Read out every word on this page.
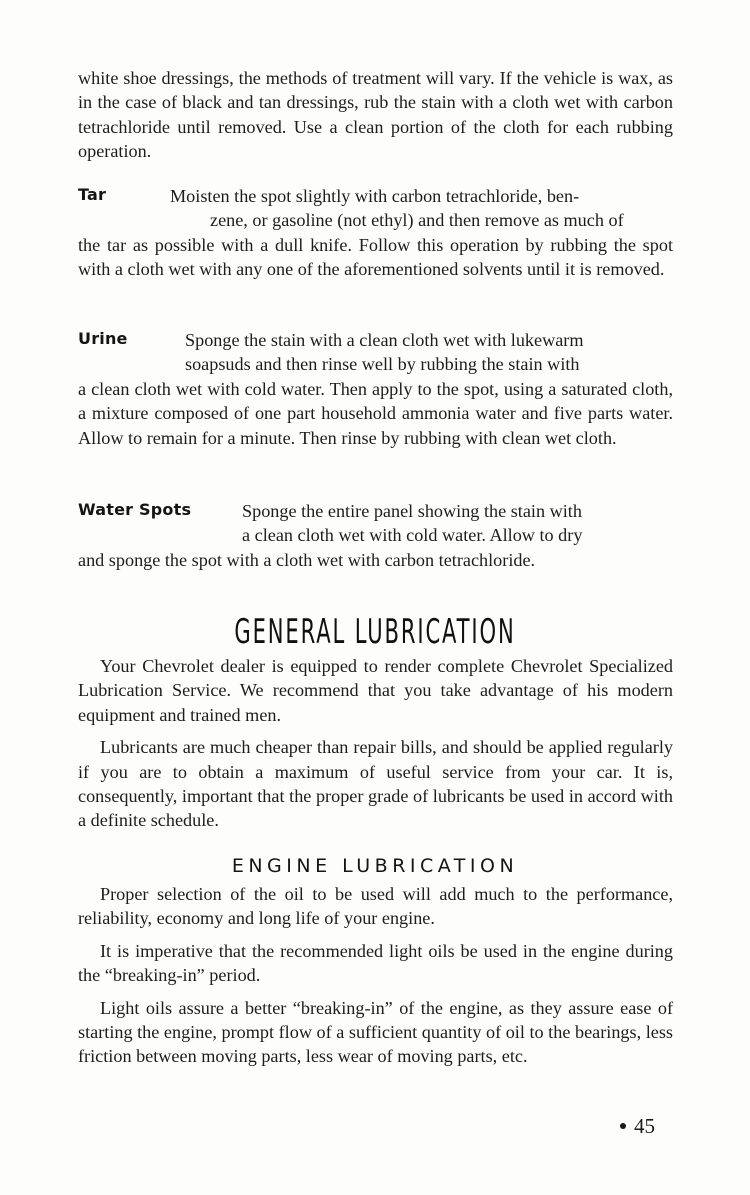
white shoe dressings, the methods of treatment will vary. If the vehicle is wax, as in the case of black and tan dressings, rub the stain with a cloth wet with carbon tetrachloride until removed. Use a clean portion of the cloth for each rubbing operation.

Tar	Moisten the spot slightly with carbon tetrachloride, ben-

zene, or gasoline (not ethyl) and then remove as much of

the tar as possible with a dull knife. Follow this operation by rubbing the spot with a cloth wet with any one of the aforementioned solvents until it is removed.

Urine	Sponge the stain with a clean cloth wet with lukewarm

soapsuds and then rinse well by rubbing the stain with

a clean cloth wet with cold water. Then apply to the spot, using a saturated cloth, a mixture composed of one part household ammonia water and five parts water. Allow to remain for a minute. Then rinse by rubbing with clean wet cloth.

Water Spots	Sponge the entire panel showing the stain with

a clean cloth wet with cold water. Allow to dry

and sponge the spot with a cloth wet with carbon tetrachloride.

GENERAL LUBRICATION

Your Chevrolet dealer is equipped to render complete Chevrolet Specialized Lubrication Service. We recommend that you take advantage of his modern equipment and trained men.

Lubricants are much cheaper than repair bills, and should be applied regularly if you are to obtain a maximum of useful service from your car. It is, consequently, important that the proper grade of lubricants be used in accord with a definite schedule.

ENGINE LUBRICATION

Proper selection of the oil to be used will add much to the performance, reliability, economy and long life of your engine.

It is imperative that the recommended light oils be used in the engine during the “breaking-in” period.

Light oils assure a better “breaking-in” of the engine, as they assure ease of starting the engine, prompt flow of a sufficient quantity of oil to the bearings, less friction between moving parts, less wear of moving parts, etc.

45
